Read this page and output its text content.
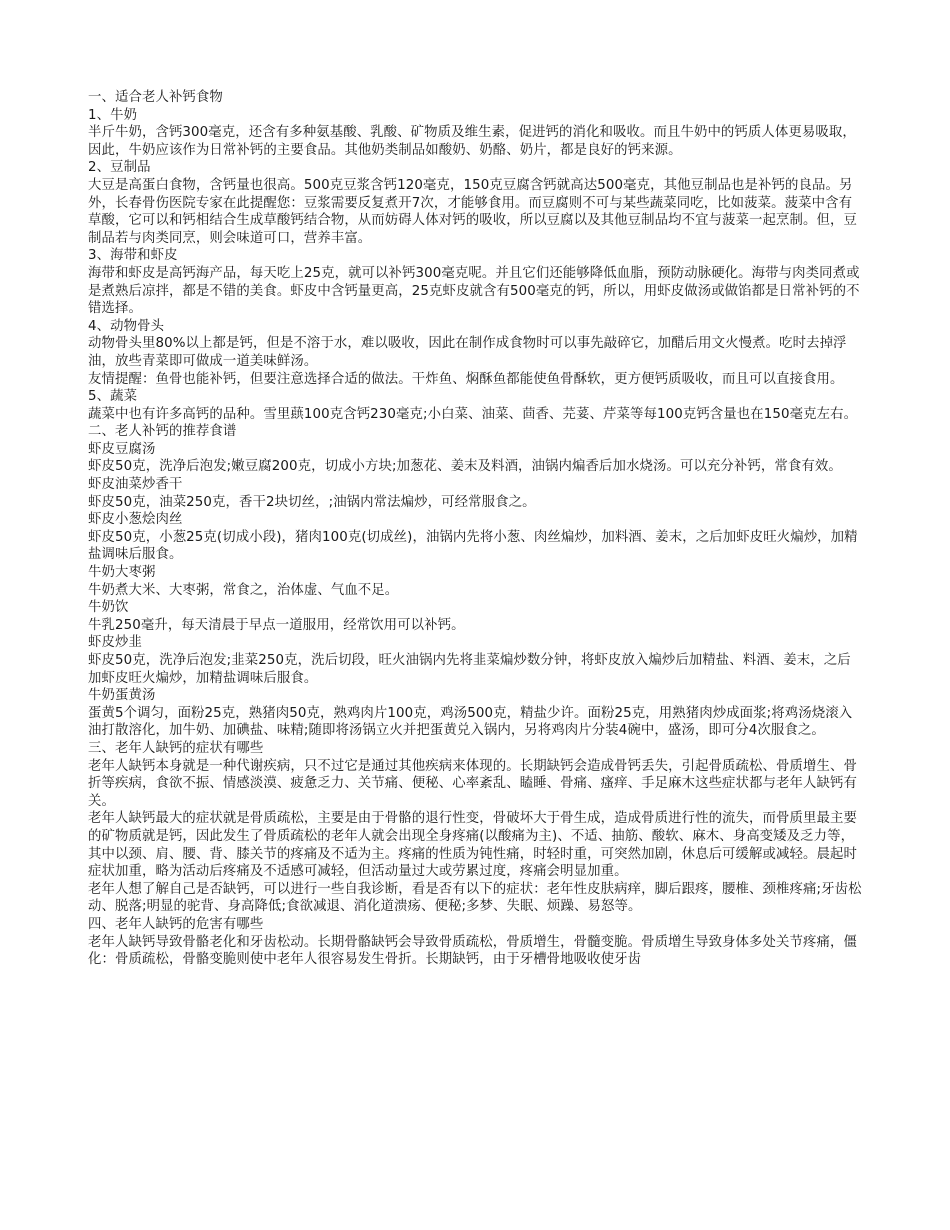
一、适合老人补钙食物

1、牛奶

半斤牛奶，含钙300毫克，还含有多种氨基酸、乳酸、矿物质及维生素，促进钙的消化和吸收。而且牛奶中的钙质人体更易吸取，因此，牛奶应该作为日常补钙的主要食品。其他奶类制品如酸奶、奶酪、奶片，都是良好的钙来源。

2、豆制品

大豆是高蛋白食物，含钙量也很高。500克豆浆含钙120毫克，150克豆腐含钙就高达500毫克，其他豆制品也是补钙的良品。另外，长春骨伤医院专家在此提醒您：豆浆需要反复煮开7次，才能够食用。而豆腐则不可与某些蔬菜同吃，比如菠菜。菠菜中含有草酸，它可以和钙相结合生成草酸钙结合物，从而妨碍人体对钙的吸收，所以豆腐以及其他豆制品均不宜与菠菜一起烹制。但，豆制品若与肉类同烹，则会味道可口，营养丰富。

3、海带和虾皮

海带和虾皮是高钙海产品，每天吃上25克，就可以补钙300毫克呢。并且它们还能够降低血脂，预防动脉硬化。海带与肉类同煮或是煮熟后凉拌，都是不错的美食。虾皮中含钙量更高，25克虾皮就含有500毫克的钙，所以，用虾皮做汤或做馅都是日常补钙的不错选择。

4、动物骨头

动物骨头里80%以上都是钙，但是不溶于水，难以吸收，因此在制作成食物时可以事先敲碎它，加醋后用文火慢煮。吃时去掉浮油，放些青菜即可做成一道美味鲜汤。

友情提醒：鱼骨也能补钙，但要注意选择合适的做法。干炸鱼、焖酥鱼都能使鱼骨酥软，更方便钙质吸收，而且可以直接食用。

5、蔬菜

蔬菜中也有许多高钙的品种。雪里蕻100克含钙230毫克;小白菜、油菜、茴香、芫荽、芹菜等每100克钙含量也在150毫克左右。

二、老人补钙的推荐食谱

虾皮豆腐汤

虾皮50克，洗净后泡发;嫩豆腐200克，切成小方块;加葱花、姜末及料酒，油锅内煸香后加水烧汤。可以充分补钙，常食有效。

虾皮油菜炒香干

虾皮50克，油菜250克，香干2块切丝，;油锅内常法煸炒，可经常服食之。

虾皮小葱烩肉丝

虾皮50克，小葱25克(切成小段)，猪肉100克(切成丝)，油锅内先将小葱、肉丝煸炒，加料酒、姜末，之后加虾皮旺火煸炒，加精盐调味后服食。

牛奶大枣粥

牛奶煮大米、大枣粥，常食之，治体虚、气血不足。

牛奶饮

牛乳250毫升，每天清晨于早点一道服用，经常饮用可以补钙。

虾皮炒韭

虾皮50克，洗净后泡发;韭菜250克，洗后切段，旺火油锅内先将韭菜煸炒数分钟，将虾皮放入煸炒后加精盐、料酒、姜末，之后加虾皮旺火煸炒，加精盐调味后服食。

牛奶蛋黄汤

蛋黄5个调匀，面粉25克，熟猪肉50克，熟鸡肉片100克，鸡汤500克，精盐少许。面粉25克，用熟猪肉炒成面浆;将鸡汤烧滚入油打散溶化，加牛奶、加碘盐、味精;随即将汤锅立火并把蛋黄兑入锅内，另将鸡肉片分装4碗中，盛汤，即可分4次服食之。

三、老年人缺钙的症状有哪些

老年人缺钙本身就是一种代谢疾病，只不过它是通过其他疾病来体现的。长期缺钙会造成骨钙丢失，引起骨质疏松、骨质增生、骨折等疾病，食欲不振、情感淡漠、疲惫乏力、关节痛、便秘、心率紊乱、瞌睡、骨痛、瘙痒、手足麻木这些症状都与老年人缺钙有关。

老年人缺钙最大的症状就是骨质疏松，主要是由于骨骼的退行性变，骨破坏大于骨生成，造成骨质进行性的流失，而骨质里最主要的矿物质就是钙，因此发生了骨质疏松的老年人就会出现全身疼痛(以酸痛为主)、不适、抽筋、酸软、麻木、身高变矮及乏力等，其中以颈、肩、腰、背、膝关节的疼痛及不适为主。疼痛的性质为钝性痛，时轻时重，可突然加剧，休息后可缓解或减轻。晨起时症状加重，略为活动后疼痛及不适感可减轻，但活动量过大或劳累过度，疼痛会明显加重。

老年人想了解自己是否缺钙，可以进行一些自我诊断，看是否有以下的症状：老年性皮肤病痒，脚后跟疼，腰椎、颈椎疼痛;牙齿松动、脱落;明显的驼背、身高降低;食欲减退、消化道溃疡、便秘;多梦、失眠、烦躁、易怒等。

四、老年人缺钙的危害有哪些

老年人缺钙导致骨骼老化和牙齿松动。长期骨骼缺钙会导致骨质疏松，骨质增生，骨髓变脆。骨质增生导致身体多处关节疼痛，僵化：骨质疏松，骨骼变脆则使中老年人很容易发生骨折。长期缺钙，由于牙槽骨地吸收使牙齿
